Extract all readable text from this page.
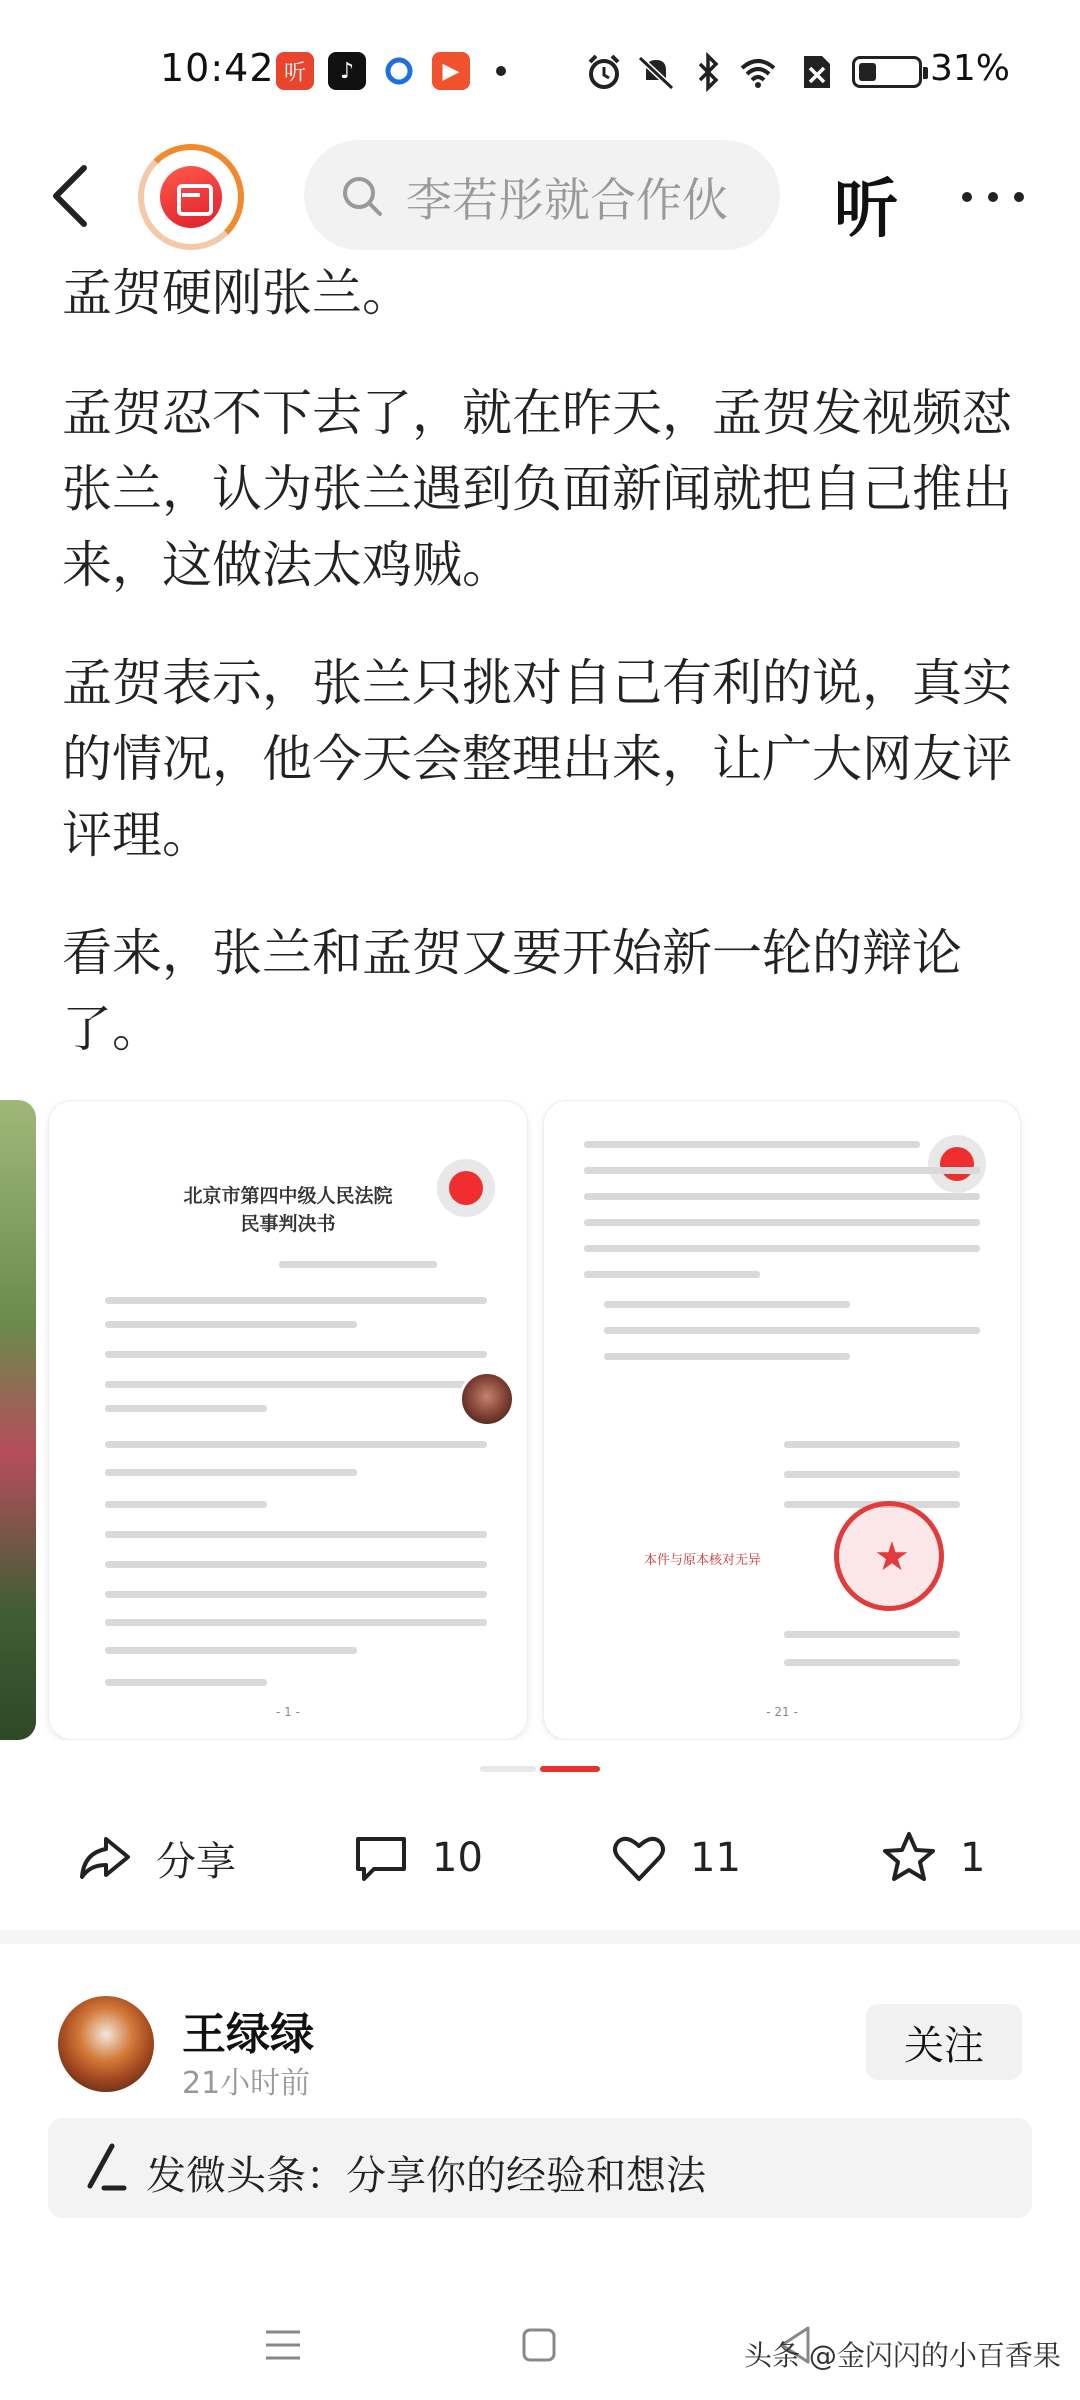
10:42 听	♪	▶	31%
李若彤就合作伙 听

孟贺硬刚张兰。

孟贺忍不下去了，就在昨天，孟贺发视频怼张兰，认为张兰遇到负面新闻就把自己推出来，这做法太鸡贼。

孟贺表示，张兰只挑对自己有利的说，真实的情况，他今天会整理出来，让广大网友评评理。

看来，张兰和孟贺又要开始新一轮的辩论了。

北京市第四中级人民法院
民事判决书
- 1 -
本件与原本核对无异
★
- 21 -
分享	10	11	1
王绿绿
21小时前
关注
发微头条：分享你的经验和想法
头条 @金闪闪的小百香果
